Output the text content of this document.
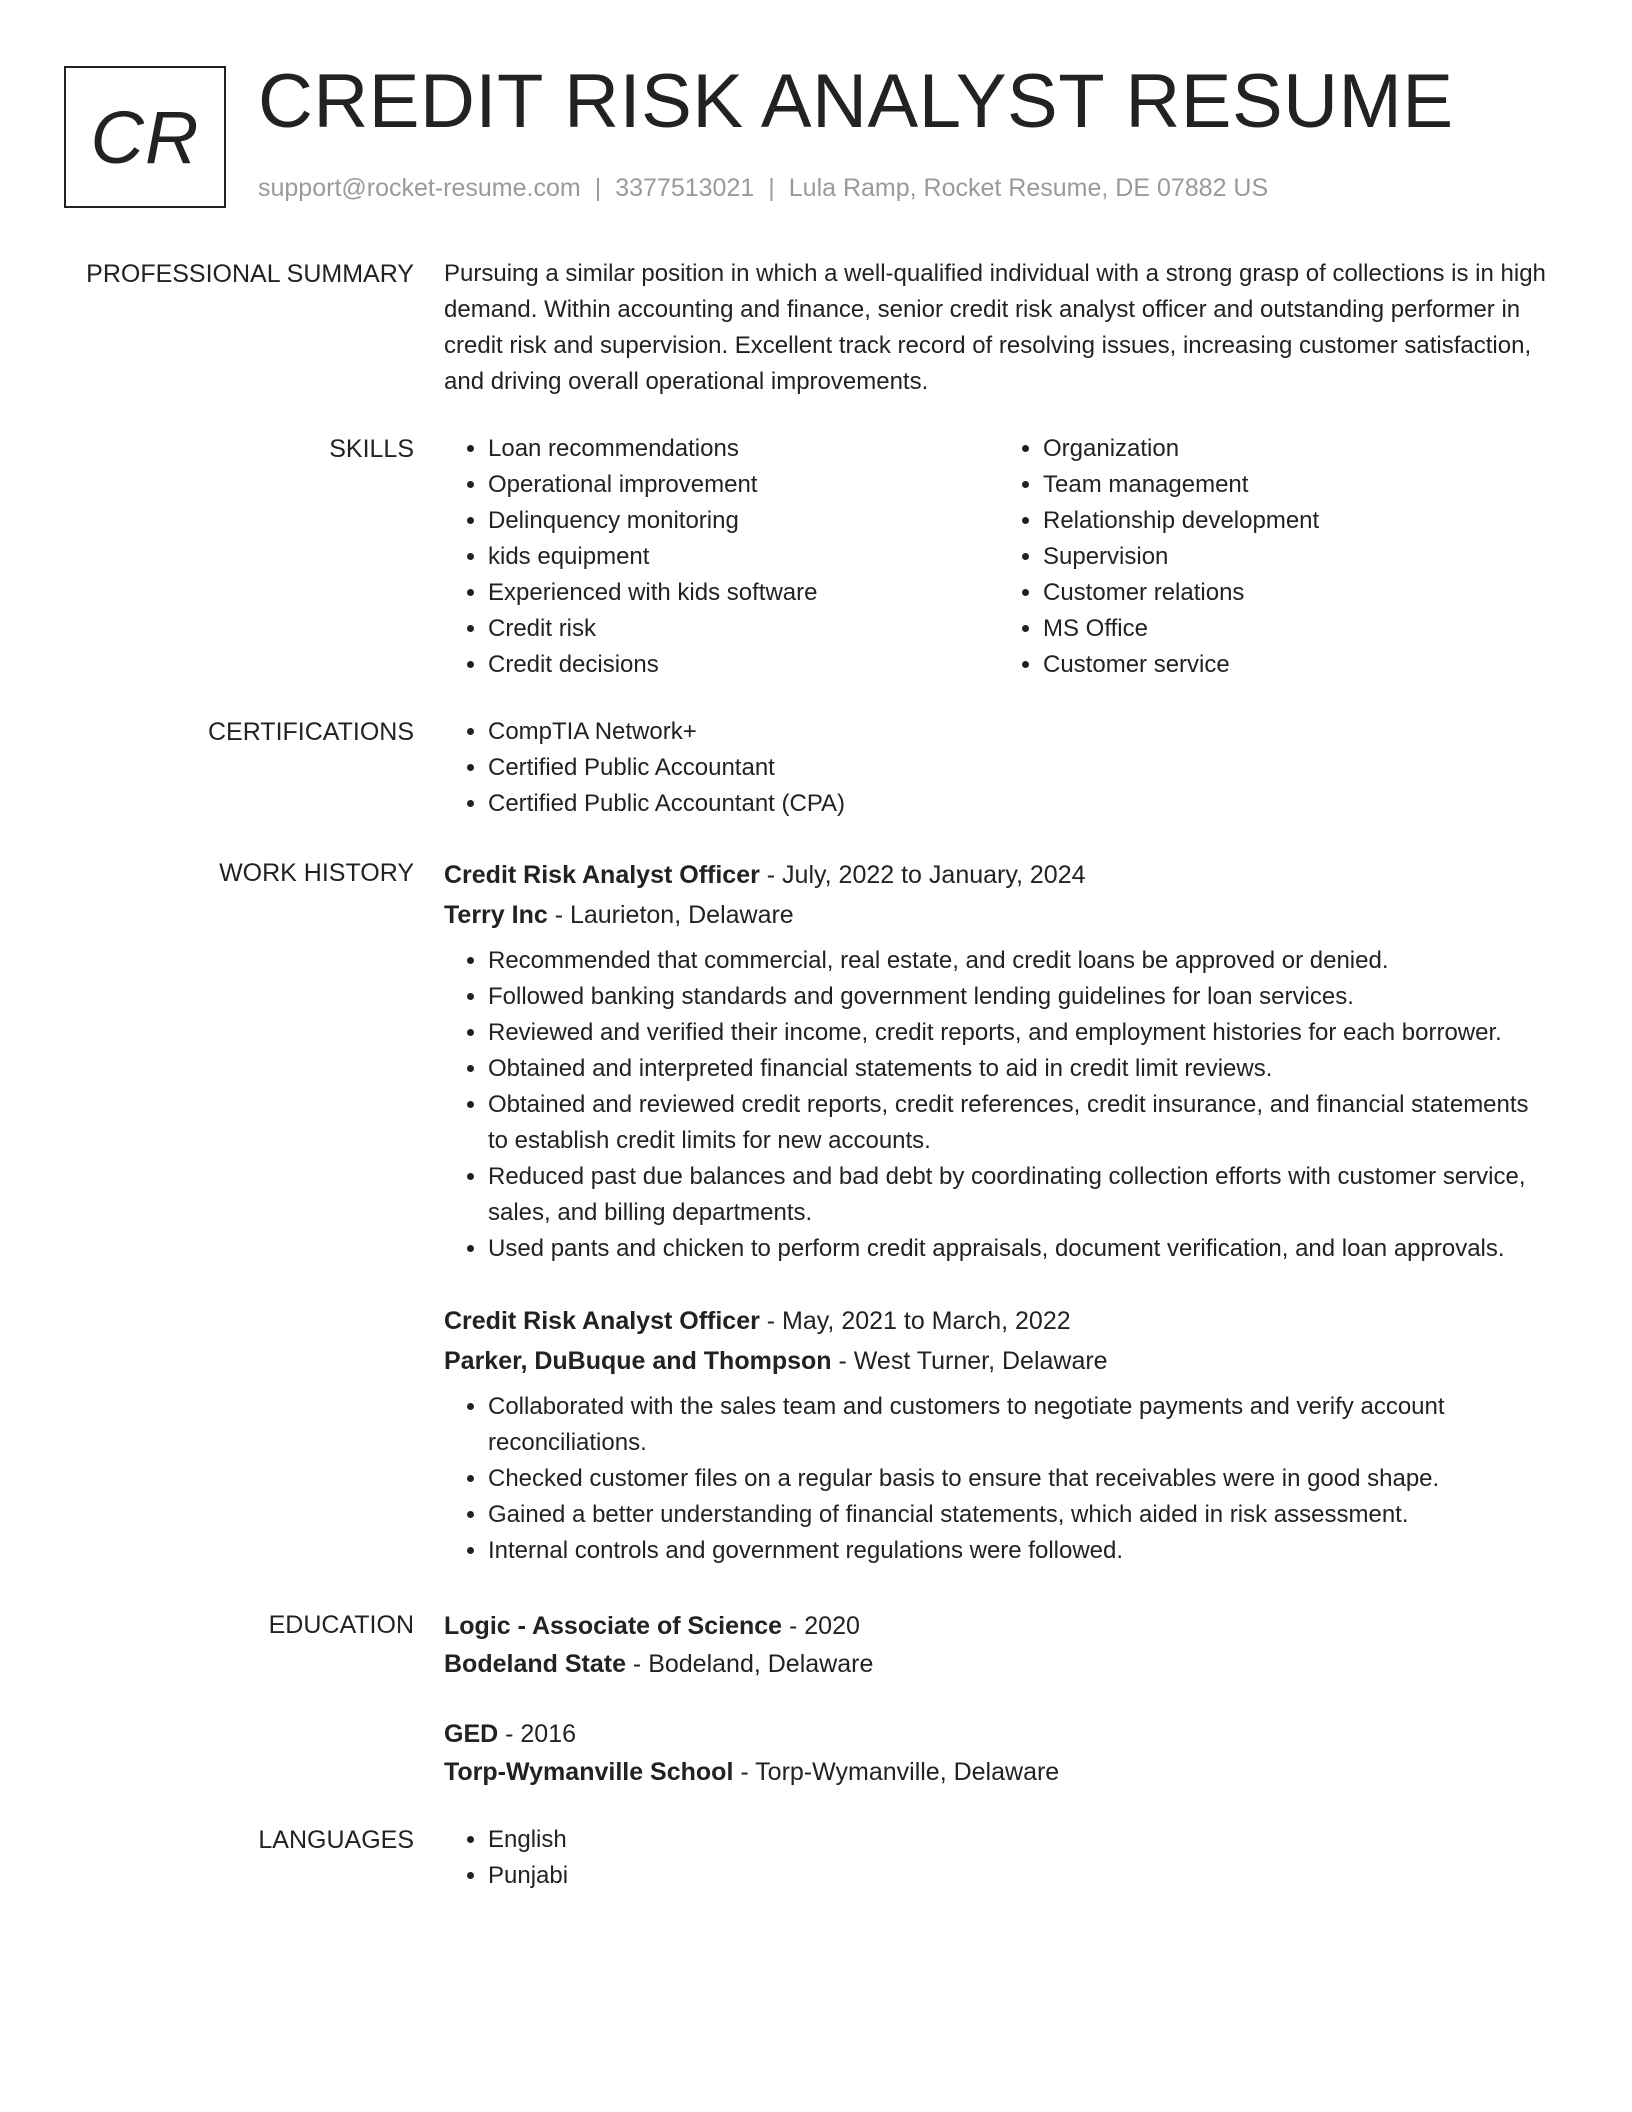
CR CREDIT RISK ANALYST RESUME
support@rocket-resume.com | 3377513021 | Lula Ramp, Rocket Resume, DE 07882 US
PROFESSIONAL SUMMARY Pursuing a similar position in which a well-qualified individual with a strong grasp of collections is in high demand. Within accounting and finance, senior credit risk analyst officer and outstanding performer in credit risk and supervision. Excellent track record of resolving issues, increasing customer satisfaction, and driving overall operational improvements.

SKILLS	• Loan recommendations
• Operational improvement
• Delinquency monitoring
• kids equipment
• Experienced with kids software
• Credit risk
• Credit decisions
• Organization
• Team management
• Relationship development
• Supervision
• Customer relations
• MS Office
• Customer service
CERTIFICATIONS	• CompTIA Network+
• Certified Public Accountant
• Certified Public Accountant (CPA)
WORK HISTORY Credit Risk Analyst Officer - July, 2022 to January, 2024
Terry Inc - Laurieton, Delaware
• Recommended that commercial, real estate, and credit loans be approved or denied.
• Followed banking standards and government lending guidelines for loan services.
• Reviewed and verified their income, credit reports, and employment histories for each borrower.
• Obtained and interpreted financial statements to aid in credit limit reviews.
• Obtained and reviewed credit reports, credit references, credit insurance, and financial statements to establish credit limits for new accounts.
• Reduced past due balances and bad debt by coordinating collection efforts with customer service, sales, and billing departments.
• Used pants and chicken to perform credit appraisals, document verification, and loan approvals.
Credit Risk Analyst Officer - May, 2021 to March, 2022
Parker, DuBuque and Thompson - West Turner, Delaware
• Collaborated with the sales team and customers to negotiate payments and verify account reconciliations.
• Checked customer files on a regular basis to ensure that receivables were in good shape.
• Gained a better understanding of financial statements, which aided in risk assessment.
• Internal controls and government regulations were followed.
EDUCATION Logic - Associate of Science - 2020
Bodeland State - Bodeland, Delaware
GED - 2016
Torp-Wymanville School - Torp-Wymanville, Delaware
LANGUAGES	• English
• Punjabi
